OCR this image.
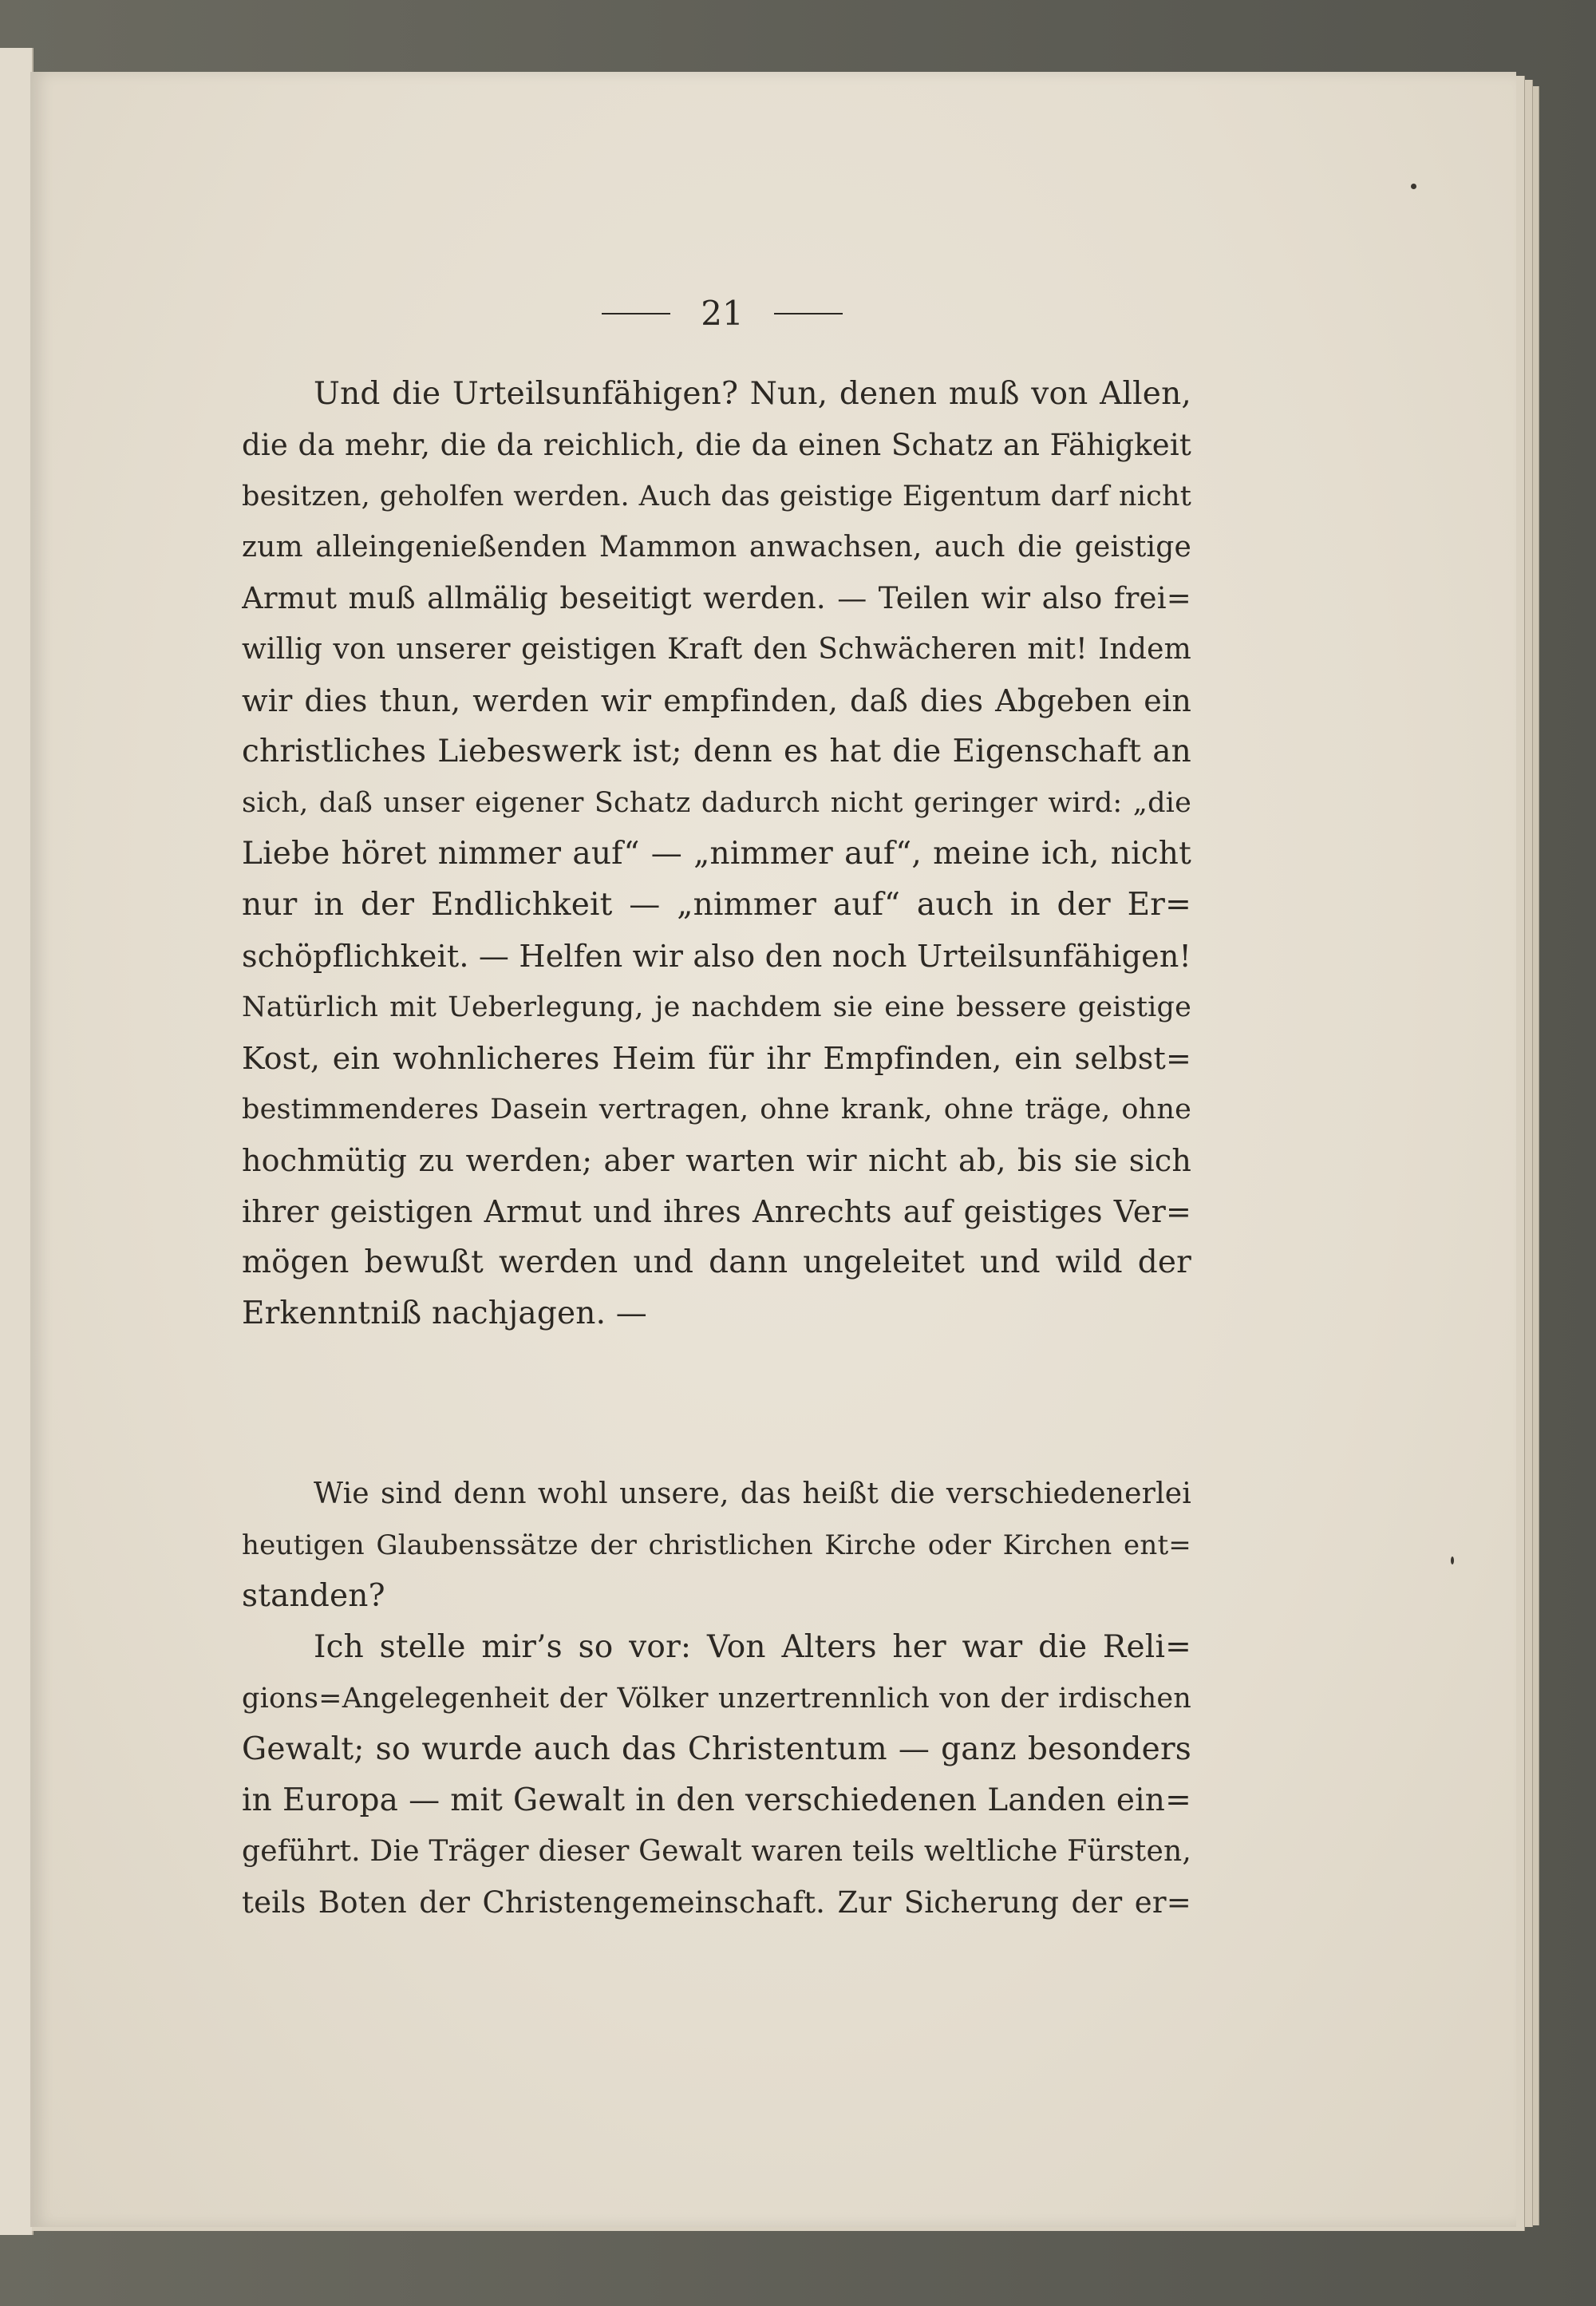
21
Und die Urteilsunfähigen? Nun, denen muß von Allen,
die da mehr, die da reichlich, die da einen Schatz an Fähigkeit
besitzen, geholfen werden. Auch das geistige Eigentum darf nicht
zum alleingenießenden Mammon anwachsen, auch die geistige
Armut muß allmälig beseitigt werden. — Teilen wir also frei=
willig von unserer geistigen Kraft den Schwächeren mit! Indem
wir dies thun, werden wir empfinden, daß dies Abgeben ein
christliches Liebeswerk ist; denn es hat die Eigenschaft an
sich, daß unser eigener Schatz dadurch nicht geringer wird: „die
Liebe höret nimmer auf“ — „nimmer auf“, meine ich, nicht
nur in der Endlichkeit — „nimmer auf“ auch in der Er=
schöpflichkeit. — Helfen wir also den noch Urteilsunfähigen!
Natürlich mit Ueberlegung, je nachdem sie eine bessere geistige
Kost, ein wohnlicheres Heim für ihr Empfinden, ein selbst=
bestimmenderes Dasein vertragen, ohne krank, ohne träge, ohne
hochmütig zu werden; aber warten wir nicht ab, bis sie sich
ihrer geistigen Armut und ihres Anrechts auf geistiges Ver=
mögen bewußt werden und dann ungeleitet und wild der
Erkenntniß nachjagen. —
Wie sind denn wohl unsere, das heißt die verschiedenerlei
heutigen Glaubenssätze der christlichen Kirche oder Kirchen ent=
standen?
Ich stelle mir’s so vor: Von Alters her war die Reli=
gions=Angelegenheit der Völker unzertrennlich von der irdischen
Gewalt; so wurde auch das Christentum — ganz besonders
in Europa — mit Gewalt in den verschiedenen Landen ein=
geführt. Die Träger dieser Gewalt waren teils weltliche Fürsten,
teils Boten der Christengemeinschaft. Zur Sicherung der er=
